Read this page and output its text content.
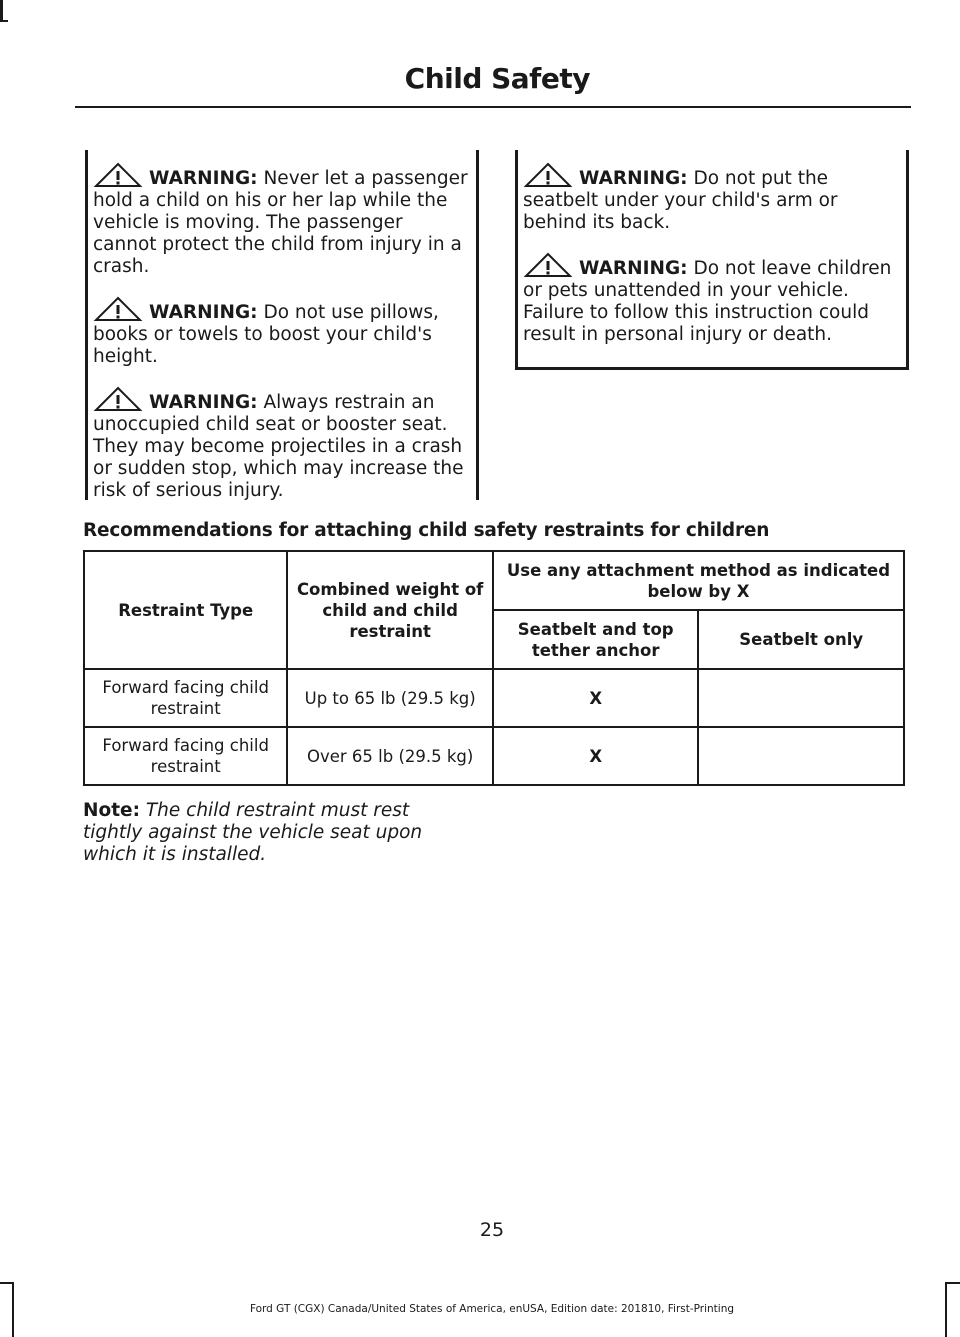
Child Safety
WARNING: Never let a passenger hold a child on his or her lap while the vehicle is moving. The passenger cannot protect the child from injury in a crash.
WARNING: Do not use pillows, books or towels to boost your child's height.
WARNING: Always restrain an unoccupied child seat or booster seat. They may become projectiles in a crash or sudden stop, which may increase the risk of serious injury.
WARNING: Do not put the seatbelt under your child's arm or behind its back.
WARNING: Do not leave children or pets unattended in your vehicle. Failure to follow this instruction could result in personal injury or death.
Recommendations for attaching child safety restraints for children
Restraint Type	Combined weight of child and child restraint	Use any attachment method as indicated below by X	
		Seatbelt and top tether anchor	Seatbelt only
Forward facing child restraint	Up to 65 lb (29.5 kg)	X	
Forward facing child restraint	Over 65 lb (29.5 kg)	X	
Note: The child restraint must rest tightly against the vehicle seat upon which it is installed.
25
Ford GT (CGX) Canada/United States of America, enUSA, Edition date: 201810, First-Printing
